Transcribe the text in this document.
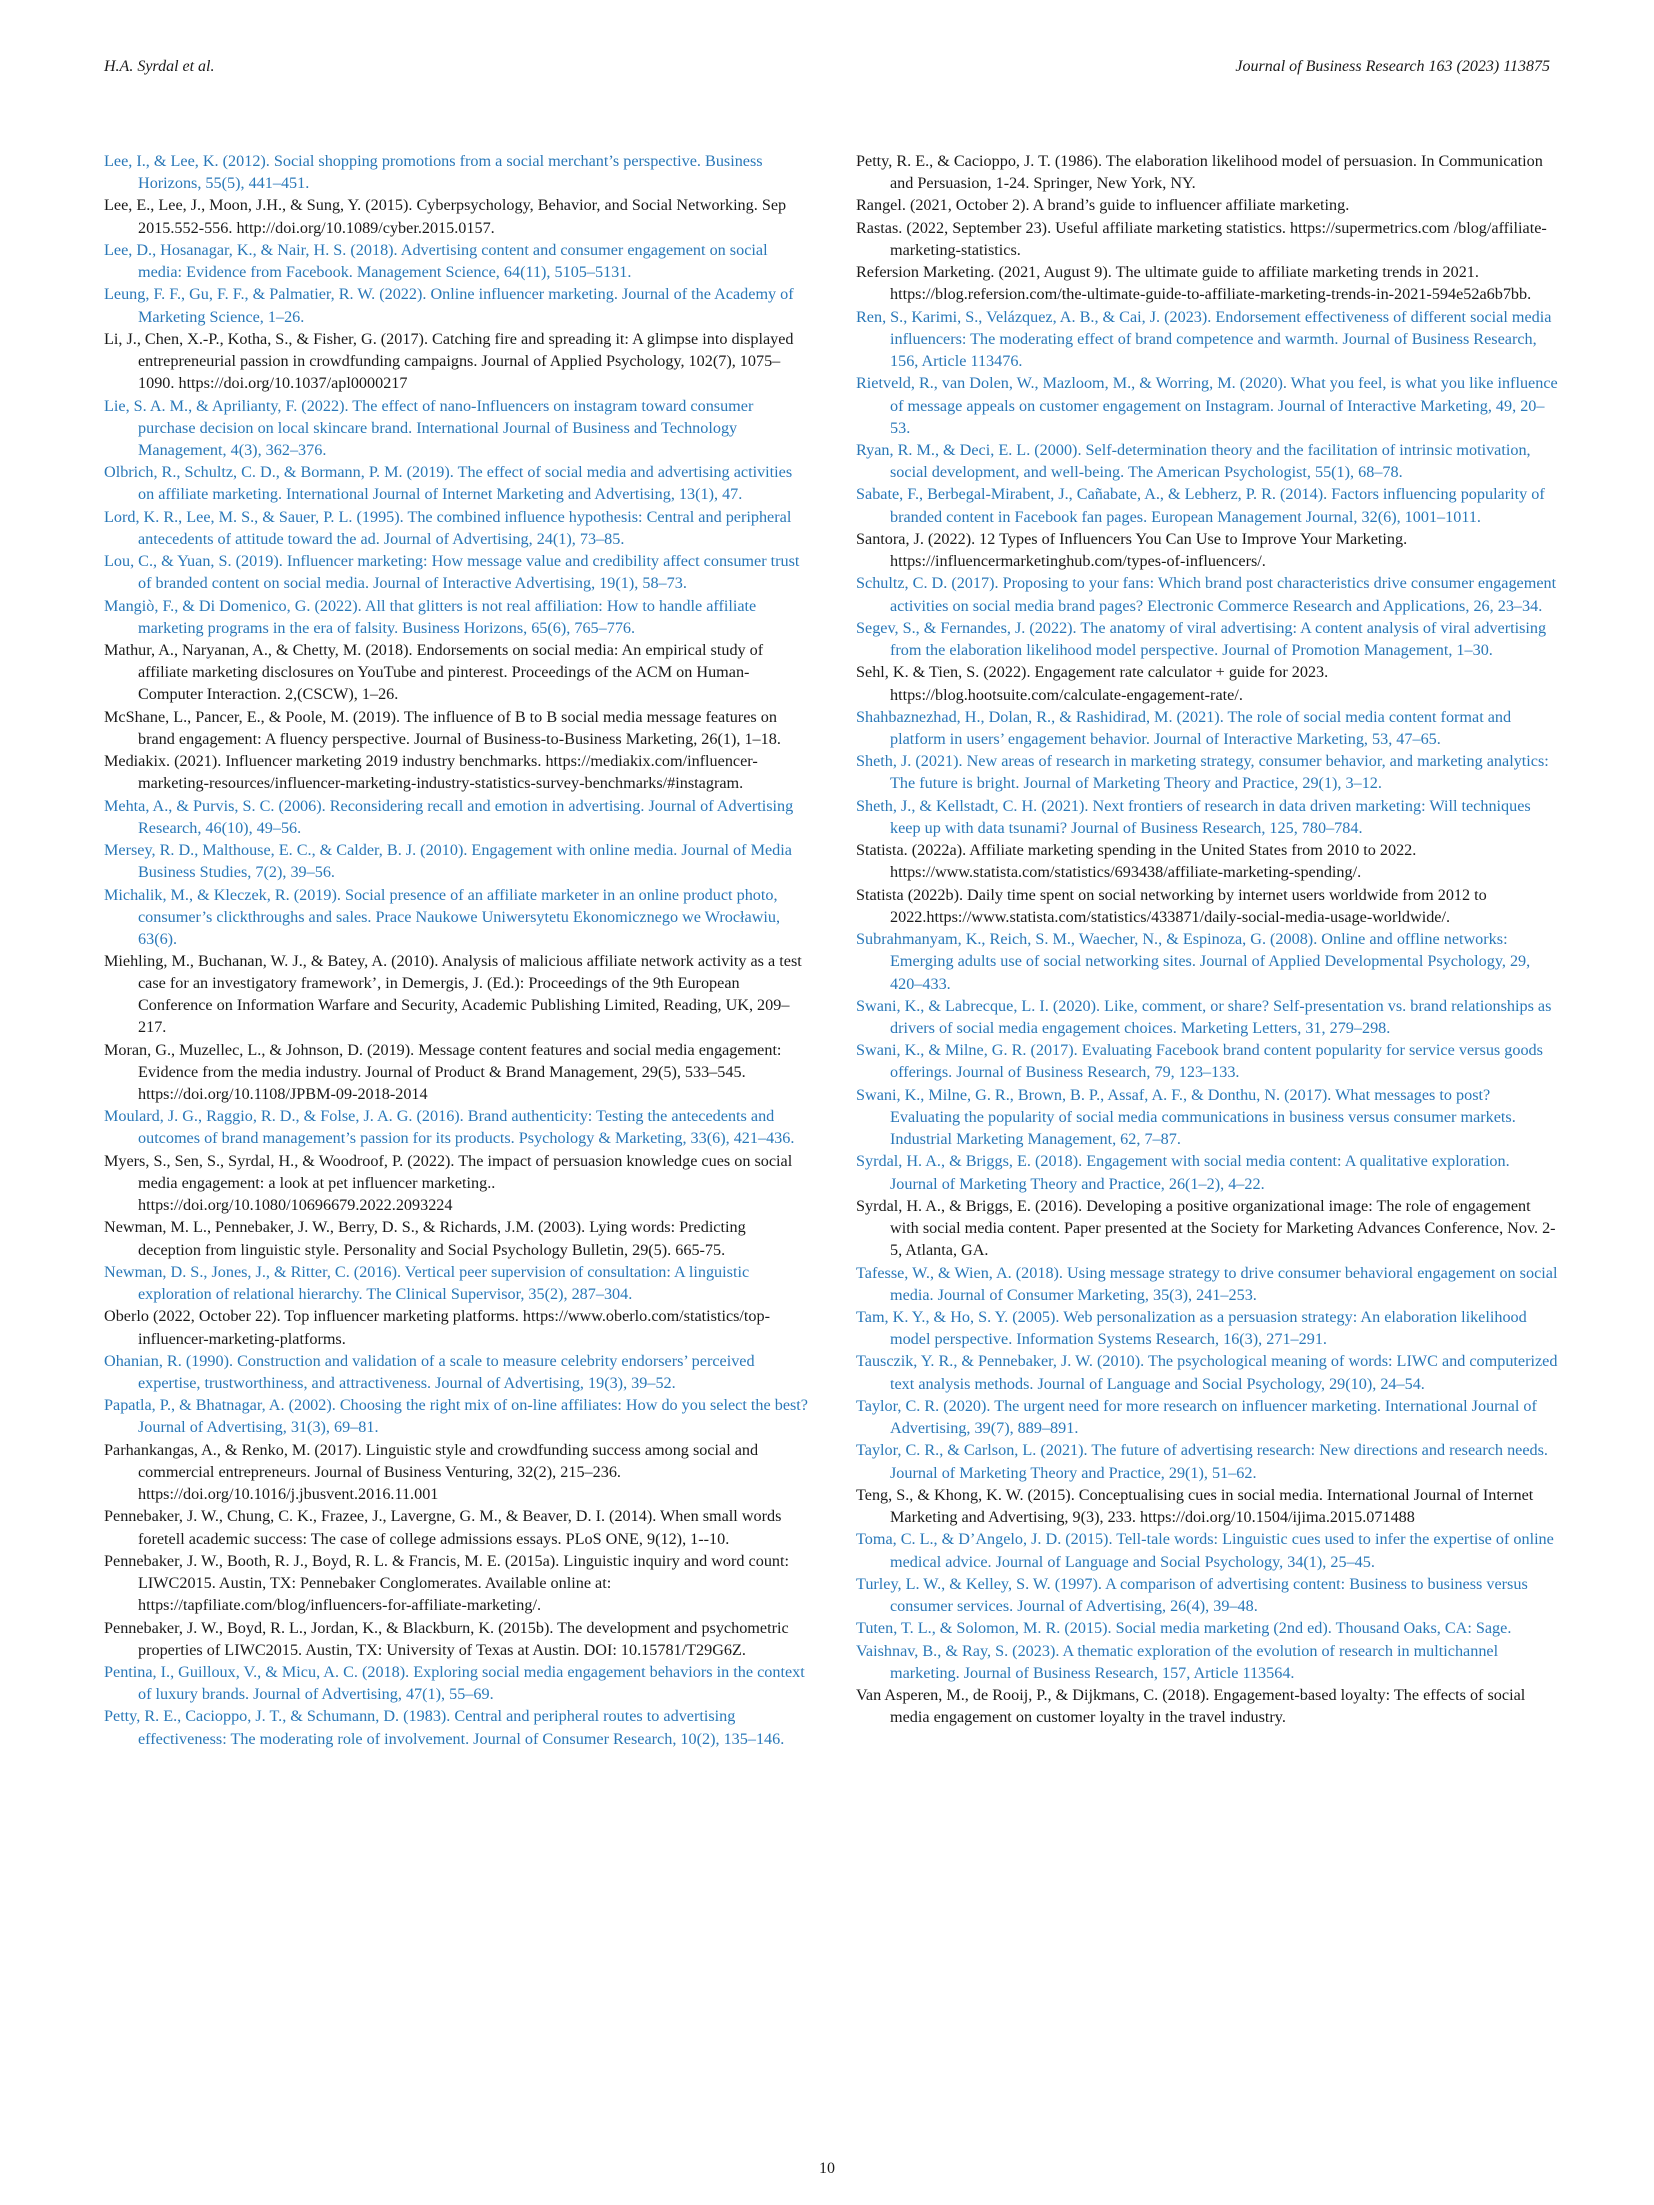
H.A. Syrdal et al.	Journal of Business Research 163 (2023) 113875
Lee, I., & Lee, K. (2012). Social shopping promotions from a social merchant’s perspective. Business Horizons, 55(5), 441–451.
Lee, E., Lee, J., Moon, J.H., & Sung, Y. (2015). Cyberpsychology, Behavior, and Social Networking. Sep 2015.552-556. http://doi.org/10.1089/cyber.2015.0157.
Lee, D., Hosanagar, K., & Nair, H. S. (2018). Advertising content and consumer engagement on social media: Evidence from Facebook. Management Science, 64(11), 5105–5131.
Leung, F. F., Gu, F. F., & Palmatier, R. W. (2022). Online influencer marketing. Journal of the Academy of Marketing Science, 1–26.
Li, J., Chen, X.-P., Kotha, S., & Fisher, G. (2017). Catching fire and spreading it: A glimpse into displayed entrepreneurial passion in crowdfunding campaigns. Journal of Applied Psychology, 102(7), 1075–1090. https://doi.org/10.1037/apl0000217
Lie, S. A. M., & Aprilianty, F. (2022). The effect of nano-Influencers on instagram toward consumer purchase decision on local skincare brand. International Journal of Business and Technology Management, 4(3), 362–376.
Olbrich, R., Schultz, C. D., & Bormann, P. M. (2019). The effect of social media and advertising activities on affiliate marketing. International Journal of Internet Marketing and Advertising, 13(1), 47.
Lord, K. R., Lee, M. S., & Sauer, P. L. (1995). The combined influence hypothesis: Central and peripheral antecedents of attitude toward the ad. Journal of Advertising, 24(1), 73–85.
Lou, C., & Yuan, S. (2019). Influencer marketing: How message value and credibility affect consumer trust of branded content on social media. Journal of Interactive Advertising, 19(1), 58–73.
Mangiò, F., & Di Domenico, G. (2022). All that glitters is not real affiliation: How to handle affiliate marketing programs in the era of falsity. Business Horizons, 65(6), 765–776.
Mathur, A., Naryanan, A., & Chetty, M. (2018). Endorsements on social media: An empirical study of affiliate marketing disclosures on YouTube and pinterest. Proceedings of the ACM on Human-Computer Interaction. 2,(CSCW), 1–26.
McShane, L., Pancer, E., & Poole, M. (2019). The influence of B to B social media message features on brand engagement: A fluency perspective. Journal of Business-to-Business Marketing, 26(1), 1–18.
Mediakix. (2021). Influencer marketing 2019 industry benchmarks. https://mediakix.com/influencer-marketing-resources/influencer-marketing-industry-statistics-survey-benchmarks/#instagram.
Mehta, A., & Purvis, S. C. (2006). Reconsidering recall and emotion in advertising. Journal of Advertising Research, 46(10), 49–56.
Mersey, R. D., Malthouse, E. C., & Calder, B. J. (2010). Engagement with online media. Journal of Media Business Studies, 7(2), 39–56.
Michalik, M., & Kleczek, R. (2019). Social presence of an affiliate marketer in an online product photo, consumer’s clickthroughs and sales. Prace Naukowe Uniwersytetu Ekonomicznego we Wrocławiu, 63(6).
Miehling, M., Buchanan, W. J., & Batey, A. (2010). Analysis of malicious affiliate network activity as a test case for an investigatory framework’, in Demergis, J. (Ed.): Proceedings of the 9th European Conference on Information Warfare and Security, Academic Publishing Limited, Reading, UK, 209–217.
Moran, G., Muzellec, L., & Johnson, D. (2019). Message content features and social media engagement: Evidence from the media industry. Journal of Product & Brand Management, 29(5), 533–545. https://doi.org/10.1108/JPBM-09-2018-2014
Moulard, J. G., Raggio, R. D., & Folse, J. A. G. (2016). Brand authenticity: Testing the antecedents and outcomes of brand management’s passion for its products. Psychology & Marketing, 33(6), 421–436.
Myers, S., Sen, S., Syrdal, H., & Woodroof, P. (2022). The impact of persuasion knowledge cues on social media engagement: a look at pet influencer marketing.. https://doi.org/10.1080/10696679.2022.2093224
Newman, M. L., Pennebaker, J. W., Berry, D. S., & Richards, J.M. (2003). Lying words: Predicting deception from linguistic style. Personality and Social Psychology Bulletin, 29(5). 665-75.
Newman, D. S., Jones, J., & Ritter, C. (2016). Vertical peer supervision of consultation: A linguistic exploration of relational hierarchy. The Clinical Supervisor, 35(2), 287–304.
Oberlo (2022, October 22). Top influencer marketing platforms. https://www.oberlo.com/statistics/top-influencer-marketing-platforms.
Ohanian, R. (1990). Construction and validation of a scale to measure celebrity endorsers’ perceived expertise, trustworthiness, and attractiveness. Journal of Advertising, 19(3), 39–52.
Papatla, P., & Bhatnagar, A. (2002). Choosing the right mix of on-line affiliates: How do you select the best? Journal of Advertising, 31(3), 69–81.
Parhankangas, A., & Renko, M. (2017). Linguistic style and crowdfunding success among social and commercial entrepreneurs. Journal of Business Venturing, 32(2), 215–236. https://doi.org/10.1016/j.jbusvent.2016.11.001
Pennebaker, J. W., Chung, C. K., Frazee, J., Lavergne, G. M., & Beaver, D. I. (2014). When small words foretell academic success: The case of college admissions essays. PLoS ONE, 9(12), 1--10.
Pennebaker, J. W., Booth, R. J., Boyd, R. L. & Francis, M. E. (2015a). Linguistic inquiry and word count: LIWC2015. Austin, TX: Pennebaker Conglomerates. Available online at: https://tapfiliate.com/blog/influencers-for-affiliate-marketing/.
Pennebaker, J. W., Boyd, R. L., Jordan, K., & Blackburn, K. (2015b). The development and psychometric properties of LIWC2015. Austin, TX: University of Texas at Austin. DOI: 10.15781/T29G6Z.
Pentina, I., Guilloux, V., & Micu, A. C. (2018). Exploring social media engagement behaviors in the context of luxury brands. Journal of Advertising, 47(1), 55–69.
Petty, R. E., Cacioppo, J. T., & Schumann, D. (1983). Central and peripheral routes to advertising effectiveness: The moderating role of involvement. Journal of Consumer Research, 10(2), 135–146.
Petty, R. E., & Cacioppo, J. T. (1986). The elaboration likelihood model of persuasion. In Communication and Persuasion, 1-24. Springer, New York, NY.
Rangel. (2021, October 2). A brand’s guide to influencer affiliate marketing.
Rastas. (2022, September 23). Useful affiliate marketing statistics. https://supermetrics.com /blog/affiliate-marketing-statistics.
Refersion Marketing. (2021, August 9). The ultimate guide to affiliate marketing trends in 2021. https://blog.refersion.com/the-ultimate-guide-to-affiliate-marketing-trends-in-2021-594e52a6b7bb.
Ren, S., Karimi, S., Velázquez, A. B., & Cai, J. (2023). Endorsement effectiveness of different social media influencers: The moderating effect of brand competence and warmth. Journal of Business Research, 156, Article 113476.
Rietveld, R., van Dolen, W., Mazloom, M., & Worring, M. (2020). What you feel, is what you like influence of message appeals on customer engagement on Instagram. Journal of Interactive Marketing, 49, 20–53.
Ryan, R. M., & Deci, E. L. (2000). Self-determination theory and the facilitation of intrinsic motivation, social development, and well-being. The American Psychologist, 55(1), 68–78.
Sabate, F., Berbegal-Mirabent, J., Cañabate, A., & Lebherz, P. R. (2014). Factors influencing popularity of branded content in Facebook fan pages. European Management Journal, 32(6), 1001–1011.
Santora, J. (2022). 12 Types of Influencers You Can Use to Improve Your Marketing. https://influencermarketinghub.com/types-of-influencers/.
Schultz, C. D. (2017). Proposing to your fans: Which brand post characteristics drive consumer engagement activities on social media brand pages? Electronic Commerce Research and Applications, 26, 23–34.
Segev, S., & Fernandes, J. (2022). The anatomy of viral advertising: A content analysis of viral advertising from the elaboration likelihood model perspective. Journal of Promotion Management, 1–30.
Sehl, K. & Tien, S. (2022). Engagement rate calculator + guide for 2023. https://blog.hootsuite.com/calculate-engagement-rate/.
Shahbaznezhad, H., Dolan, R., & Rashidirad, M. (2021). The role of social media content format and platform in users’ engagement behavior. Journal of Interactive Marketing, 53, 47–65.
Sheth, J. (2021). New areas of research in marketing strategy, consumer behavior, and marketing analytics: The future is bright. Journal of Marketing Theory and Practice, 29(1), 3–12.
Sheth, J., & Kellstadt, C. H. (2021). Next frontiers of research in data driven marketing: Will techniques keep up with data tsunami? Journal of Business Research, 125, 780–784.
Statista. (2022a). Affiliate marketing spending in the United States from 2010 to 2022. https://www.statista.com/statistics/693438/affiliate-marketing-spending/.
Statista (2022b). Daily time spent on social networking by internet users worldwide from 2012 to 2022.https://www.statista.com/statistics/433871/daily-social-media-usage-worldwide/.
Subrahmanyam, K., Reich, S. M., Waecher, N., & Espinoza, G. (2008). Online and offline networks: Emerging adults use of social networking sites. Journal of Applied Developmental Psychology, 29, 420–433.
Swani, K., & Labrecque, L. I. (2020). Like, comment, or share? Self-presentation vs. brand relationships as drivers of social media engagement choices. Marketing Letters, 31, 279–298.
Swani, K., & Milne, G. R. (2017). Evaluating Facebook brand content popularity for service versus goods offerings. Journal of Business Research, 79, 123–133.
Swani, K., Milne, G. R., Brown, B. P., Assaf, A. F., & Donthu, N. (2017). What messages to post? Evaluating the popularity of social media communications in business versus consumer markets. Industrial Marketing Management, 62, 7–87.
Syrdal, H. A., & Briggs, E. (2018). Engagement with social media content: A qualitative exploration. Journal of Marketing Theory and Practice, 26(1–2), 4–22.
Syrdal, H. A., & Briggs, E. (2016). Developing a positive organizational image: The role of engagement with social media content. Paper presented at the Society for Marketing Advances Conference, Nov. 2-5, Atlanta, GA.
Tafesse, W., & Wien, A. (2018). Using message strategy to drive consumer behavioral engagement on social media. Journal of Consumer Marketing, 35(3), 241–253.
Tam, K. Y., & Ho, S. Y. (2005). Web personalization as a persuasion strategy: An elaboration likelihood model perspective. Information Systems Research, 16(3), 271–291.
Tausczik, Y. R., & Pennebaker, J. W. (2010). The psychological meaning of words: LIWC and computerized text analysis methods. Journal of Language and Social Psychology, 29(10), 24–54.
Taylor, C. R. (2020). The urgent need for more research on influencer marketing. International Journal of Advertising, 39(7), 889–891.
Taylor, C. R., & Carlson, L. (2021). The future of advertising research: New directions and research needs. Journal of Marketing Theory and Practice, 29(1), 51–62.
Teng, S., & Khong, K. W. (2015). Conceptualising cues in social media. International Journal of Internet Marketing and Advertising, 9(3), 233. https://doi.org/10.1504/ijima.2015.071488
Toma, C. L., & D’Angelo, J. D. (2015). Tell-tale words: Linguistic cues used to infer the expertise of online medical advice. Journal of Language and Social Psychology, 34(1), 25–45.
Turley, L. W., & Kelley, S. W. (1997). A comparison of advertising content: Business to business versus consumer services. Journal of Advertising, 26(4), 39–48.
Tuten, T. L., & Solomon, M. R. (2015). Social media marketing (2nd ed). Thousand Oaks, CA: Sage.
Vaishnav, B., & Ray, S. (2023). A thematic exploration of the evolution of research in multichannel marketing. Journal of Business Research, 157, Article 113564.
Van Asperen, M., de Rooij, P., & Dijkmans, C. (2018). Engagement-based loyalty: The effects of social media engagement on customer loyalty in the travel industry.
10
